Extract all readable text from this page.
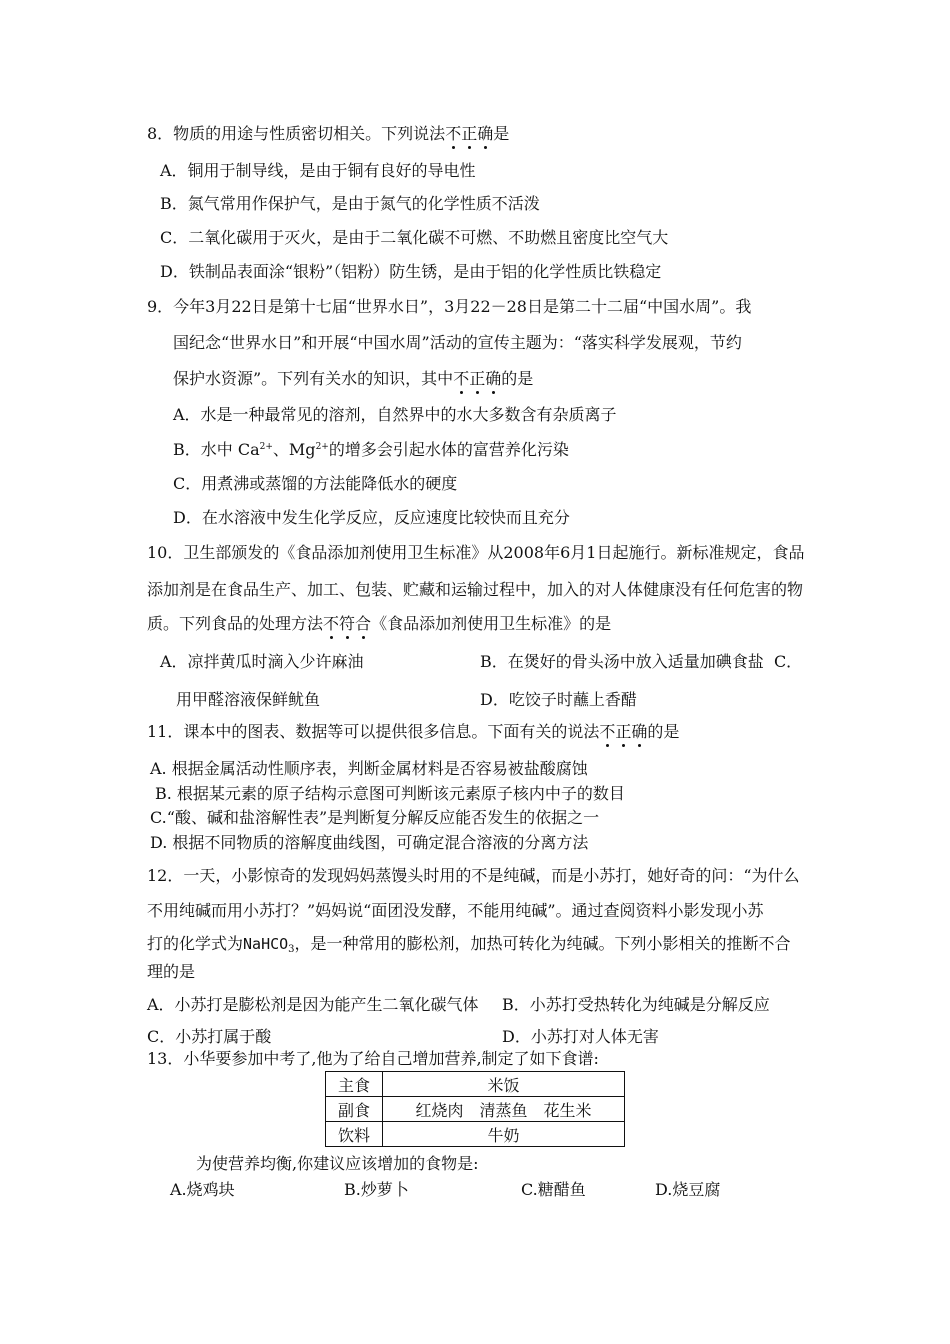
8．物质的用途与性质密切相关。下列说法不正确是
A．铜用于制导线，是由于铜有良好的导电性
B．氮气常用作保护气，是由于氮气的化学性质不活泼
C．二氧化碳用于灭火，是由于二氧化碳不可燃、不助燃且密度比空气大
D．铁制品表面涂“银粉”（铝粉）防生锈，是由于铝的化学性质比铁稳定
9．今年3月22日是第十七届“世界水日”，3月22－28日是第二十二届“中国水周”。我
国纪念“世界水日”和开展“中国水周”活动的宣传主题为：“落实科学发展观，节约
保护水资源”。下列有关水的知识，其中不正确的是
A．水是一种最常见的溶剂，自然界中的水大多数含有杂质离子
B．水中 $Ca^{2+}$、$Mg^{2+}$的增多会引起水体的富营养化污染
C．用煮沸或蒸馏的方法能降低水的硬度
D．在水溶液中发生化学反应，反应速度比较快而且充分
10．卫生部颁发的《食品添加剂使用卫生标准》从2008年6月1日起施行。新标准规定，食品
添加剂是在食品生产、加工、包装、贮藏和运输过程中，加入的对人体健康没有任何危害的物
质。下列食品的处理方法不符合《食品添加剂使用卫生标准》的是
A．凉拌黄瓜时滴入少许麻油	B．在煲好的骨头汤中放入适量加碘食盐 C．
用甲醛溶液保鲜鱿鱼	D．吃饺子时蘸上香醋
11．课本中的图表、数据等可以提供很多信息。下面有关的说法不正确的是
A. 根据金属活动性顺序表，判断金属材料是否容易被盐酸腐蚀
B. 根据某元素的原子结构示意图可判断该元素原子核内中子的数目
C.“酸、碱和盐溶解性表”是判断复分解反应能否发生的依据之一
D. 根据不同物质的溶解度曲线图，可确定混合溶液的分离方法
12．一天，小影惊奇的发现妈妈蒸馒头时用的不是纯碱，而是小苏打，她好奇的问：“为什么
不用纯碱而用小苏打？”妈妈说“面团没发酵，不能用纯碱”。通过查阅资料小影发现小苏
打的化学式为NaHCO$_3$，是一种常用的膨松剂，加热可转化为纯碱。下列小影相关的推断不合
理的是
A．小苏打是膨松剂是因为能产生二氧化碳气体 B．小苏打受热转化为纯碱是分解反应
C．小苏打属于酸	D．小苏打对人体无害
13．小华要参加中考了,他为了给自己增加营养,制定了如下食谱:
主食	米饭
副食	红烧肉 清蒸鱼 花生米
饮料	牛奶
为使营养均衡,你建议应该增加的食物是:
A.烧鸡块	B.炒萝卜	C.糖醋鱼	D.烧豆腐
